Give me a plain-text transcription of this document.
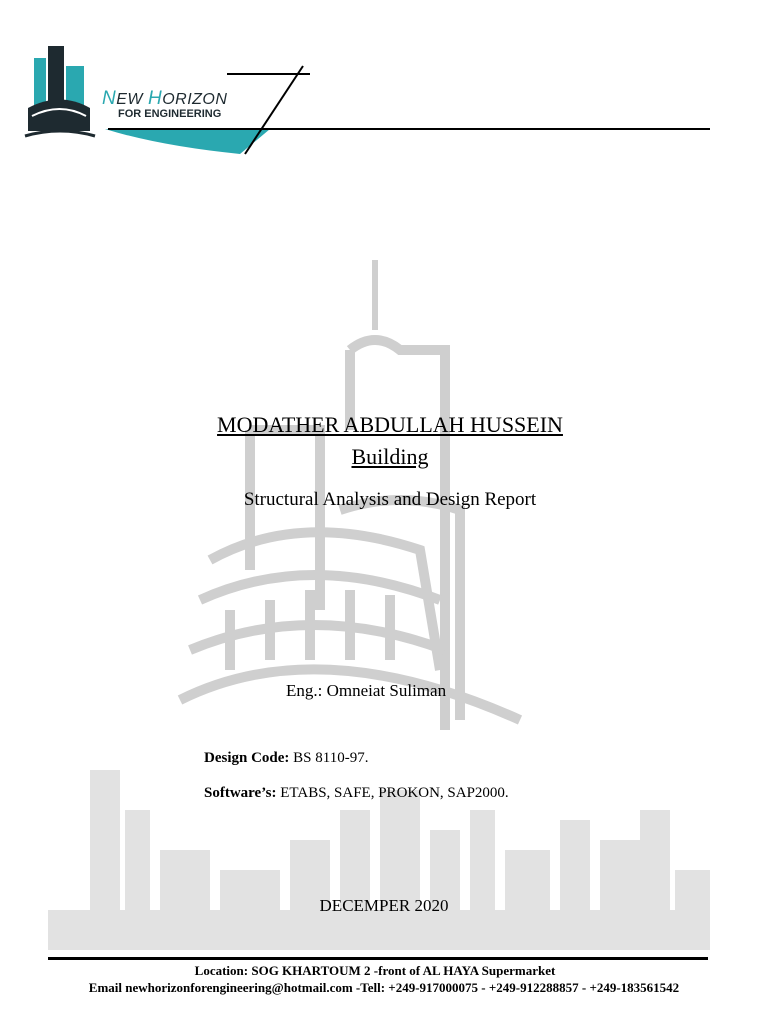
NEW HORIZON
FOR ENGINEERING
MODATHER ABDULLAH HUSSEIN
Building
Structural Analysis and Design Report
Eng.: Omneiat Suliman
Design Code: BS 8110-97.
Software’s: ETABS, SAFE, PROKON, SAP2000.
DECEMPER 2020
Location: SOG KHARTOUM 2 -front of AL HAYA Supermarket
Email newhorizonforengineering@hotmail.com -Tell: +249-917000075 - +249-912288857 - +249-183561542
